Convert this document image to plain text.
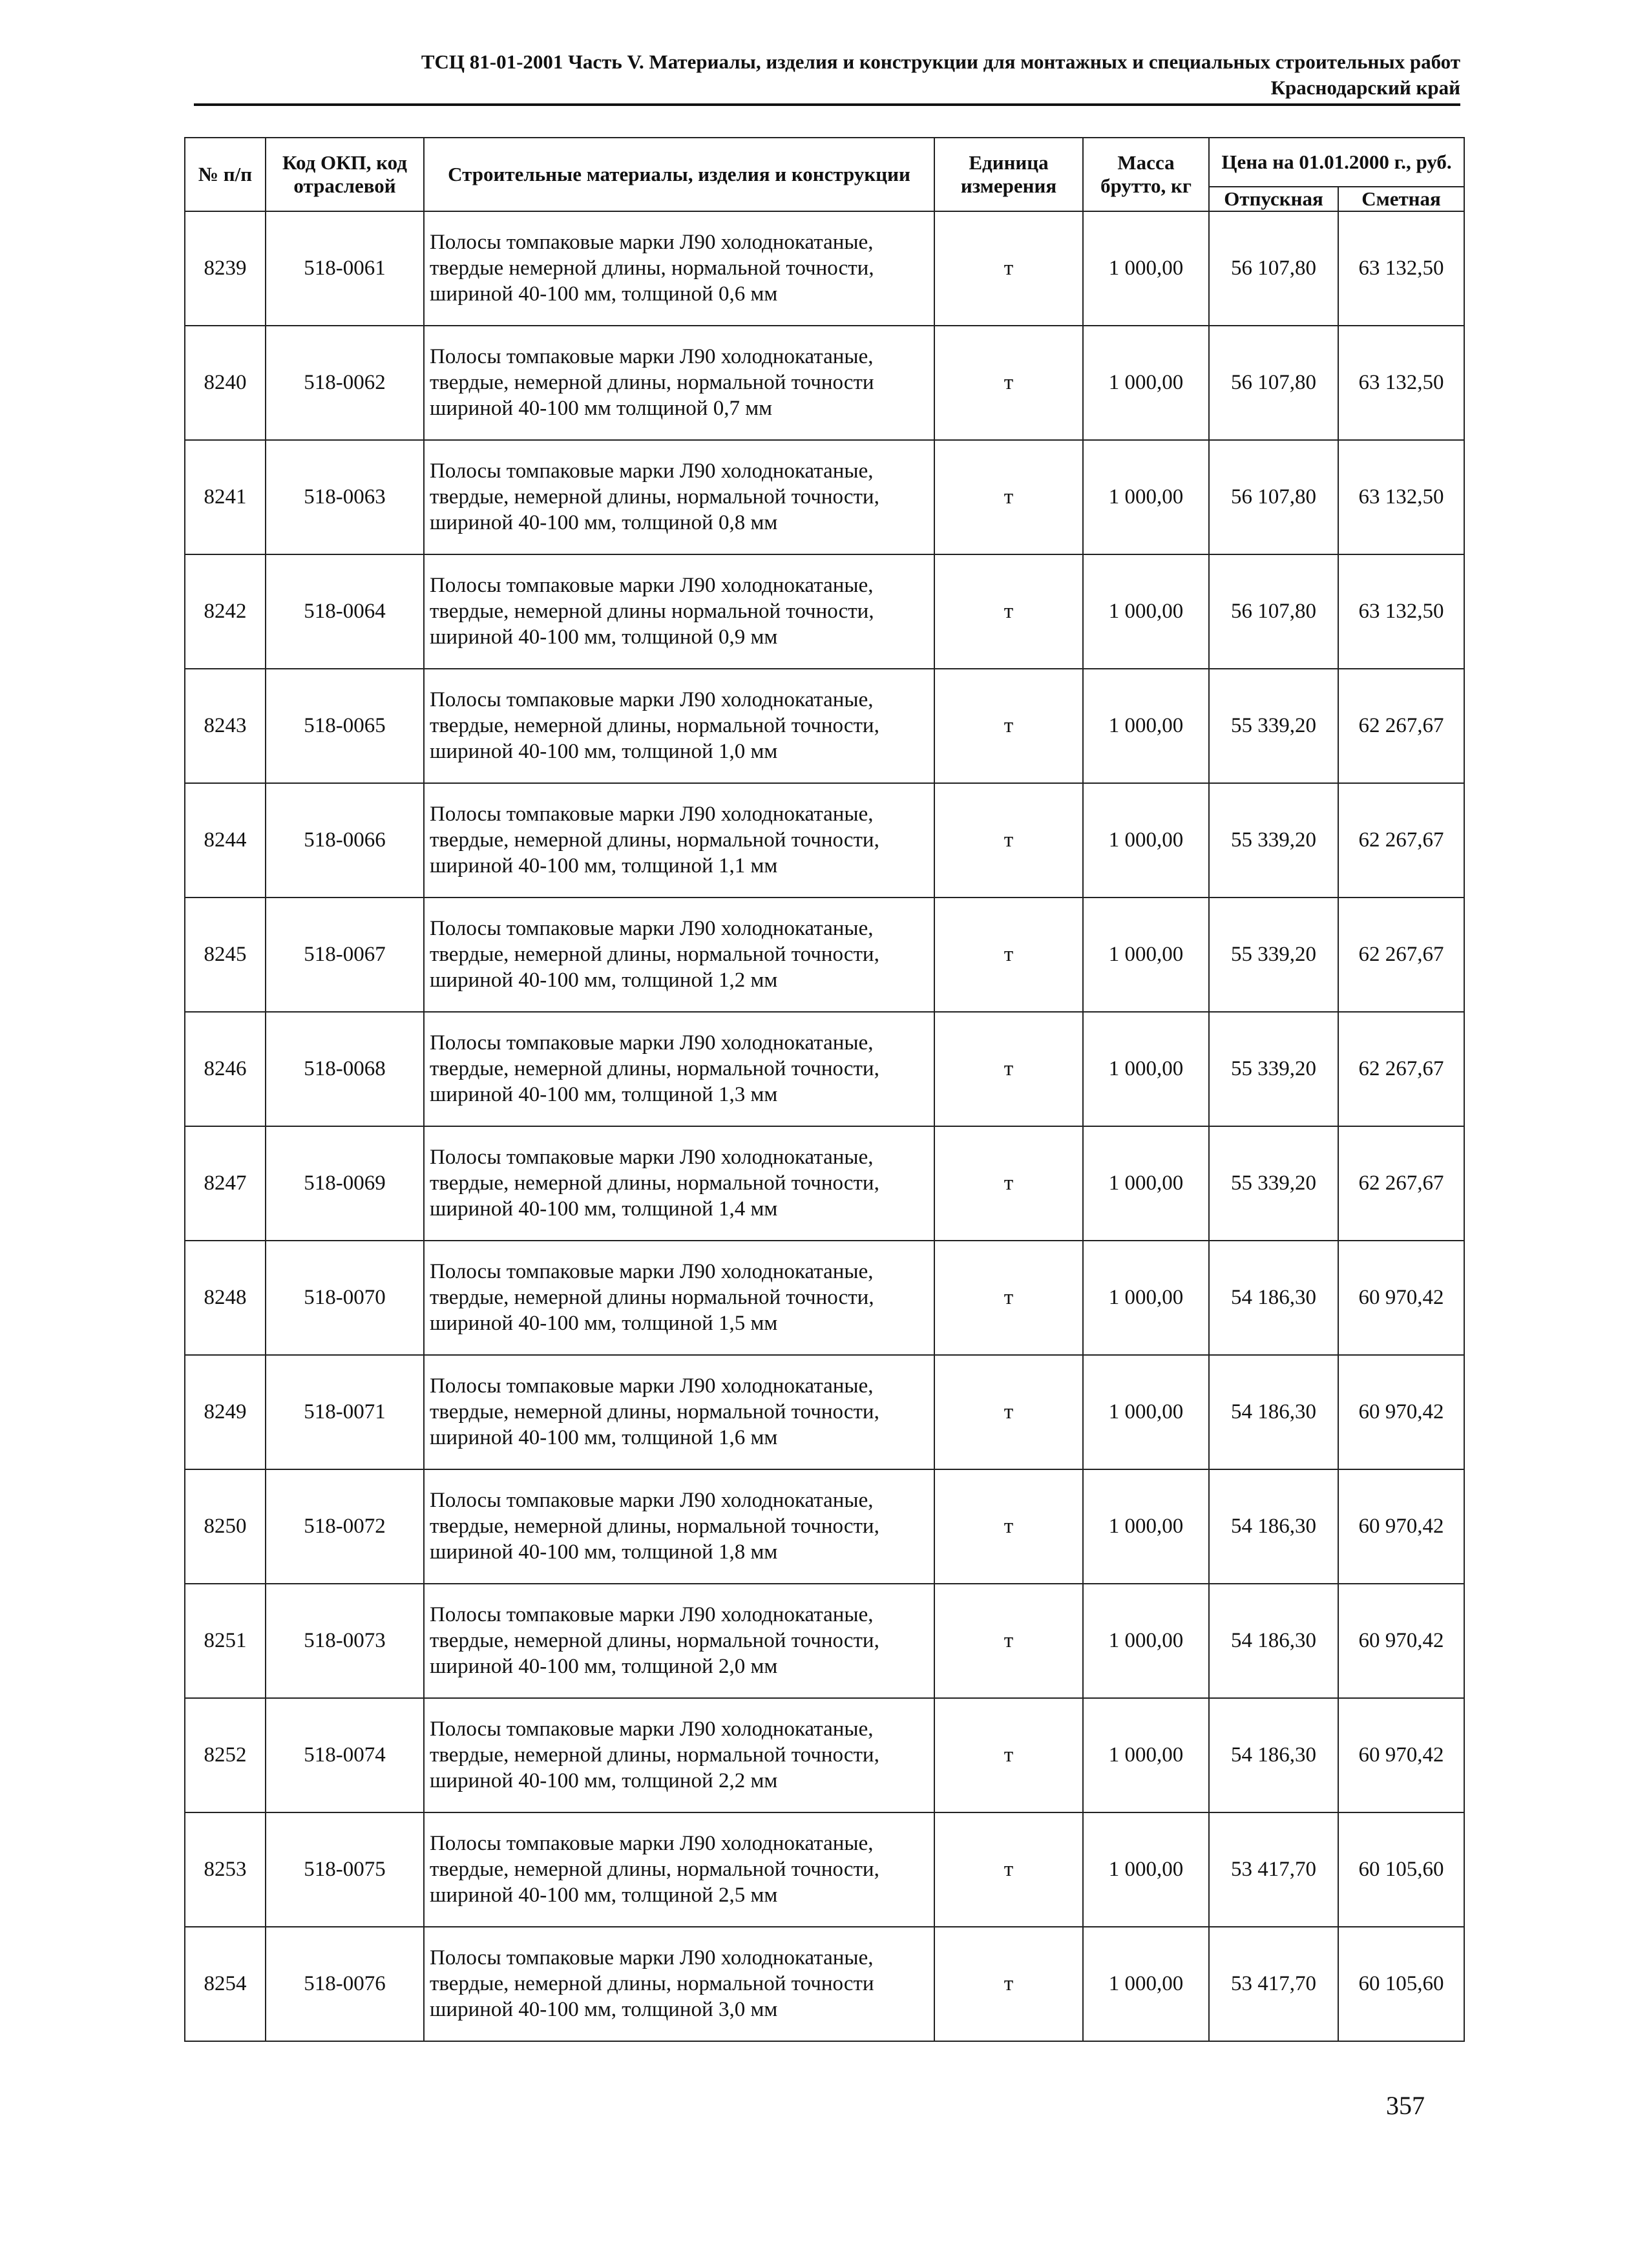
ТСЦ 81-01-2001 Часть V. Материалы, изделия и конструкции для монтажных и специальных строительных работ
Краснодарский край
№ п/п	Код ОКП, код отраслевой	Строительные материалы, изделия и конструкции	Единица измерения	Масса брутто, кг	Цена на 01.01.2000 г., руб.	
					Отпускная	Сметная
8239	518-0061	Полосы томпаковые марки Л90 холоднокатаные, твердые немерной длины, нормальной точности, шириной 40-100 мм, толщиной 0,6 мм	т	1 000,00	56 107,80	63 132,50
8240	518-0062	Полосы томпаковые марки Л90 холоднокатаные, твердые, немерной длины, нормальной точности шириной 40-100 мм толщиной 0,7 мм	т	1 000,00	56 107,80	63 132,50
8241	518-0063	Полосы томпаковые марки Л90 холоднокатаные, твердые, немерной длины, нормальной точности, шириной 40-100 мм, толщиной 0,8 мм	т	1 000,00	56 107,80	63 132,50
8242	518-0064	Полосы томпаковые марки Л90 холоднокатаные, твердые, немерной длины нормальной точности, шириной 40-100 мм, толщиной 0,9 мм	т	1 000,00	56 107,80	63 132,50
8243	518-0065	Полосы томпаковые марки Л90 холоднокатаные, твердые, немерной длины, нормальной точности, шириной 40-100 мм, толщиной 1,0 мм	т	1 000,00	55 339,20	62 267,67
8244	518-0066	Полосы томпаковые марки Л90 холоднокатаные, твердые, немерной длины, нормальной точности, шириной 40-100 мм, толщиной 1,1 мм	т	1 000,00	55 339,20	62 267,67
8245	518-0067	Полосы томпаковые марки Л90 холоднокатаные, твердые, немерной длины, нормальной точности, шириной 40-100 мм, толщиной 1,2 мм	т	1 000,00	55 339,20	62 267,67
8246	518-0068	Полосы томпаковые марки Л90 холоднокатаные, твердые, немерной длины, нормальной точности, шириной 40-100 мм, толщиной 1,3 мм	т	1 000,00	55 339,20	62 267,67
8247	518-0069	Полосы томпаковые марки Л90 холоднокатаные, твердые, немерной длины, нормальной точности, шириной 40-100 мм, толщиной 1,4 мм	т	1 000,00	55 339,20	62 267,67
8248	518-0070	Полосы томпаковые марки Л90 холоднокатаные, твердые, немерной длины нормальной точности, шириной 40-100 мм, толщиной 1,5 мм	т	1 000,00	54 186,30	60 970,42
8249	518-0071	Полосы томпаковые марки Л90 холоднокатаные, твердые, немерной длины, нормальной точности, шириной 40-100 мм, толщиной 1,6 мм	т	1 000,00	54 186,30	60 970,42
8250	518-0072	Полосы томпаковые марки Л90 холоднокатаные, твердые, немерной длины, нормальной точности, шириной 40-100 мм, толщиной 1,8 мм	т	1 000,00	54 186,30	60 970,42
8251	518-0073	Полосы томпаковые марки Л90 холоднокатаные, твердые, немерной длины, нормальной точности, шириной 40-100 мм, толщиной 2,0 мм	т	1 000,00	54 186,30	60 970,42
8252	518-0074	Полосы томпаковые марки Л90 холоднокатаные, твердые, немерной длины, нормальной точности, шириной 40-100 мм, толщиной 2,2 мм	т	1 000,00	54 186,30	60 970,42
8253	518-0075	Полосы томпаковые марки Л90 холоднокатаные, твердые, немерной длины, нормальной точности, шириной 40-100 мм, толщиной 2,5 мм	т	1 000,00	53 417,70	60 105,60
8254	518-0076	Полосы томпаковые марки Л90 холоднокатаные, твердые, немерной длины, нормальной точности шириной 40-100 мм, толщиной 3,0 мм	т	1 000,00	53 417,70	60 105,60
357
